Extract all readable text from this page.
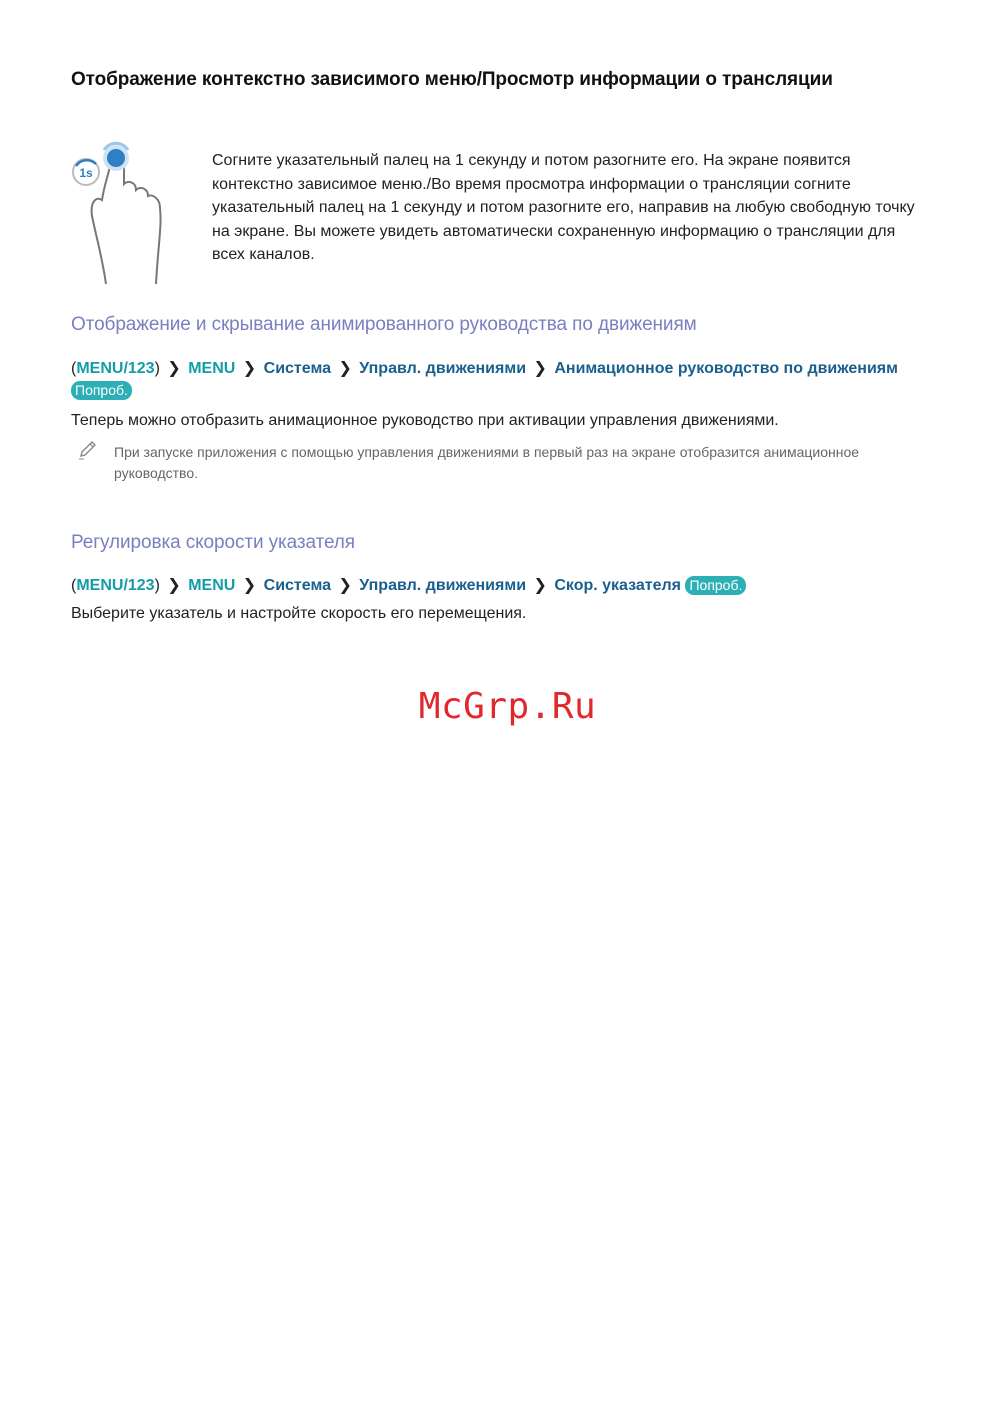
Отображение контекстно зависимого меню/Просмотр информации о трансляции
1s
Согните указательный палец на 1 секунду и потом разогните его. На экране появится контекстно зависимое меню./Во время просмотра информации о трансляции согните указательный палец на 1 секунду и потом разогните его, направив на любую свободную точку на экране. Вы можете увидеть автоматически сохраненную информацию о трансляции для всех каналов.
Отображение и скрывание анимированного руководства по движениям
(MENU/123) ❯ MENU ❯ Система ❯ Управл. движениями ❯ Анимационное руководство по движениям
Попроб.
Теперь можно отобразить анимационное руководство при активации управления движениями.
При запуске приложения с помощью управления движениями в первый раз на экране отобразится анимационное руководство.
Регулировка скорости указателя
(MENU/123) ❯ MENU ❯ Система ❯ Управл. движениями ❯ Скор. указателя Попроб.
Выберите указатель и настройте скорость его перемещения.
McGrp.Ru
